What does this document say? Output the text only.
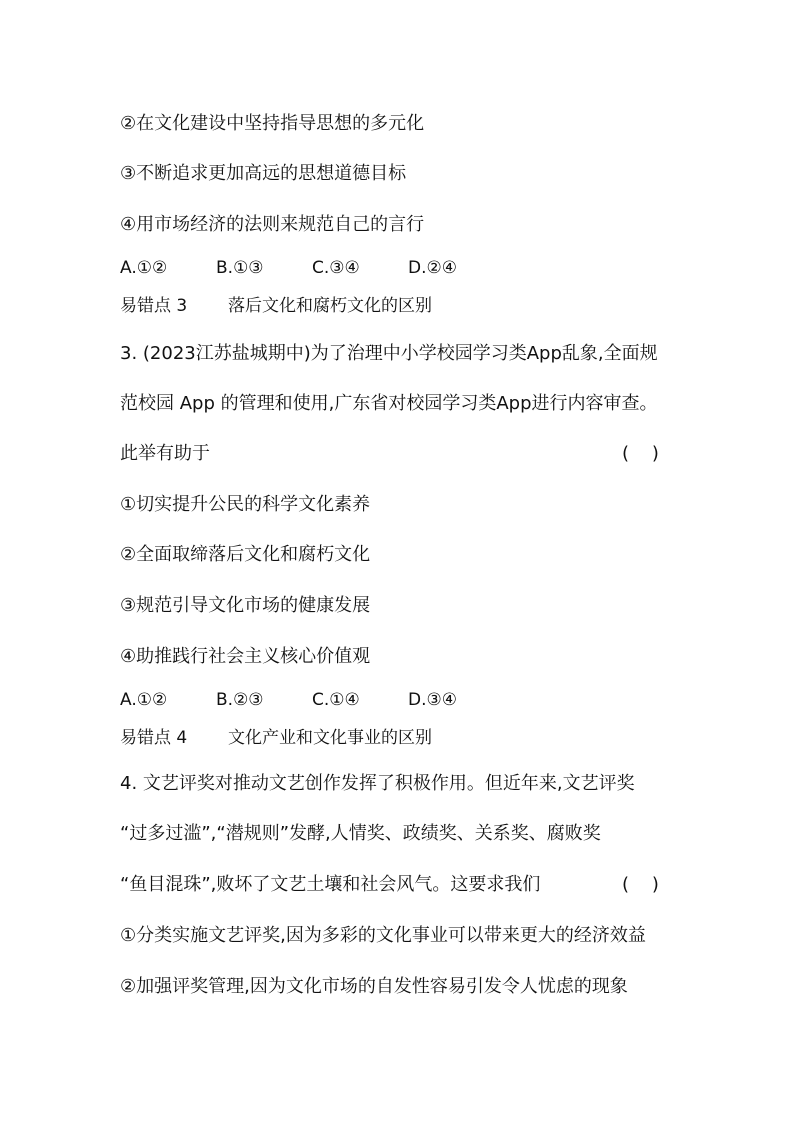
②在文化建设中坚持指导思想的多元化
③不断追求更加高远的思想道德目标
④用市场经济的法则来规范自己的言行
A.①②	B.①③	C.③④	D.②④
易错点 3 落后文化和腐朽文化的区别
3. (2023江苏盐城期中)为了治理中小学校园学习类App乱象,全面规
范校园 App 的管理和使用,广东省对校园学习类App进行内容审查。
此举有助于	(    )
①切实提升公民的科学文化素养
②全面取缔落后文化和腐朽文化
③规范引导文化市场的健康发展
④助推践行社会主义核心价值观
A.①②	B.②③	C.①④	D.③④
易错点 4 文化产业和文化事业的区别
4. 文艺评奖对推动文艺创作发挥了积极作用。但近年来,文艺评奖
“过多过滥”,“潜规则”发酵,人情奖、政绩奖、关系奖、腐败奖
“鱼目混珠”,败坏了文艺土壤和社会风气。这要求我们	(    )
①分类实施文艺评奖,因为多彩的文化事业可以带来更大的经济效益
②加强评奖管理,因为文化市场的自发性容易引发令人忧虑的现象
